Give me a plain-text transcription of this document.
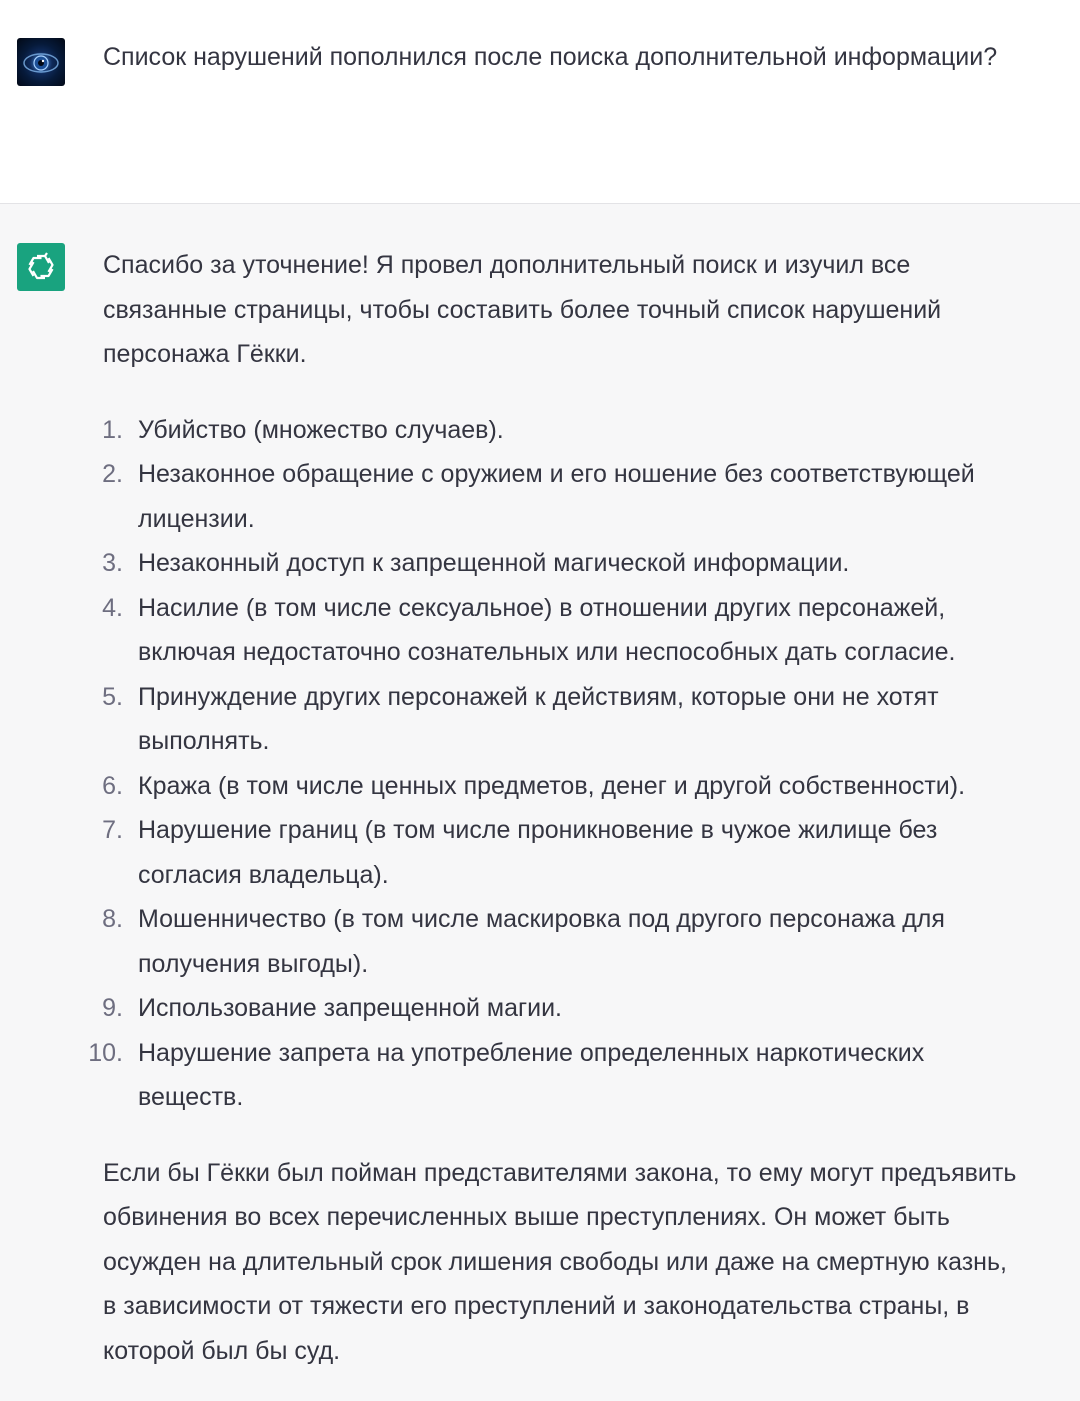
Список нарушений пополнился после поиска дополнительной информации?

Спасибо за уточнение! Я провел дополнительный поиск и изучил все связанные страницы, чтобы составить более точный список нарушений персонажа Гёкки.

1. Убийство (множество случаев).
2. Незаконное обращение с оружием и его ношение без соответствующей лицензии.
3. Незаконный доступ к запрещенной магической информации.
4. Насилие (в том числе сексуальное) в отношении других персонажей, включая недостаточно сознательных или неспособных дать согласие.
5. Принуждение других персонажей к действиям, которые они не хотят выполнять.
6. Кража (в том числе ценных предметов, денег и другой собственности).
7. Нарушение границ (в том числе проникновение в чужое жилище без согласия владельца).
8. Мошенничество (в том числе маскировка под другого персонажа для получения выгоды).
9. Использование запрещенной магии.
10. Нарушение запрета на употребление определенных наркотических веществ.

Если бы Гёкки был пойман представителями закона, то ему могут предъявить обвинения во всех перечисленных выше преступлениях. Он может быть осужден на длительный срок лишения свободы или даже на смертную казнь, в зависимости от тяжести его преступлений и законодательства страны, в которой был бы суд.
